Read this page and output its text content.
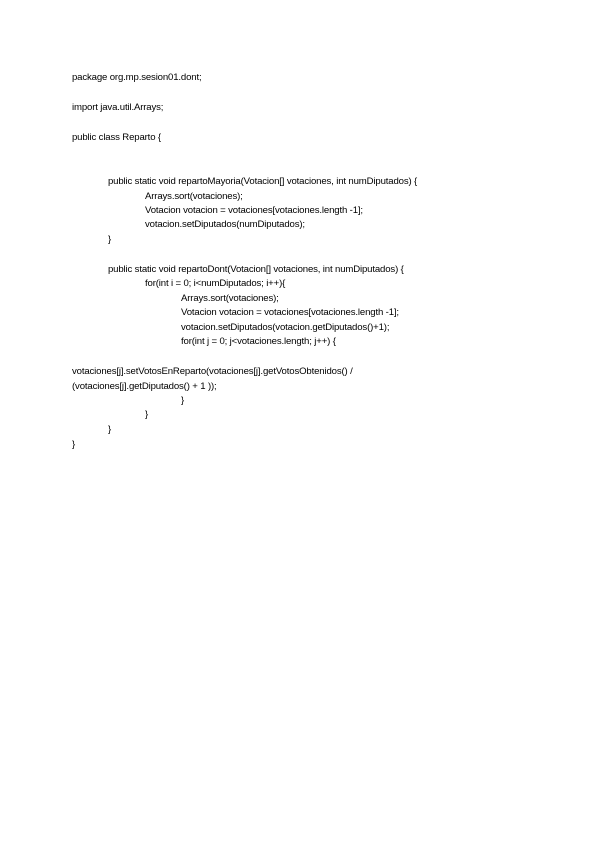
package org.mp.sesion01.dont;
import java.util.Arrays;
public class Reparto {
public static void repartoMayoria(Votacion[] votaciones, int numDiputados) {
Arrays.sort(votaciones);
Votacion votacion = votaciones[votaciones.length -1];
votacion.setDiputados(numDiputados);
}
public static void repartoDont(Votacion[] votaciones, int numDiputados) {
for(int i = 0; i<numDiputados; i++){
Arrays.sort(votaciones);
Votacion votacion = votaciones[votaciones.length -1];
votacion.setDiputados(votacion.getDiputados()+1);
for(int j = 0; j<votaciones.length; j++) {
votaciones[j].setVotosEnReparto(votaciones[j].getVotosObtenidos() /
(votaciones[j].getDiputados() + 1 ));
}
}
}
}
